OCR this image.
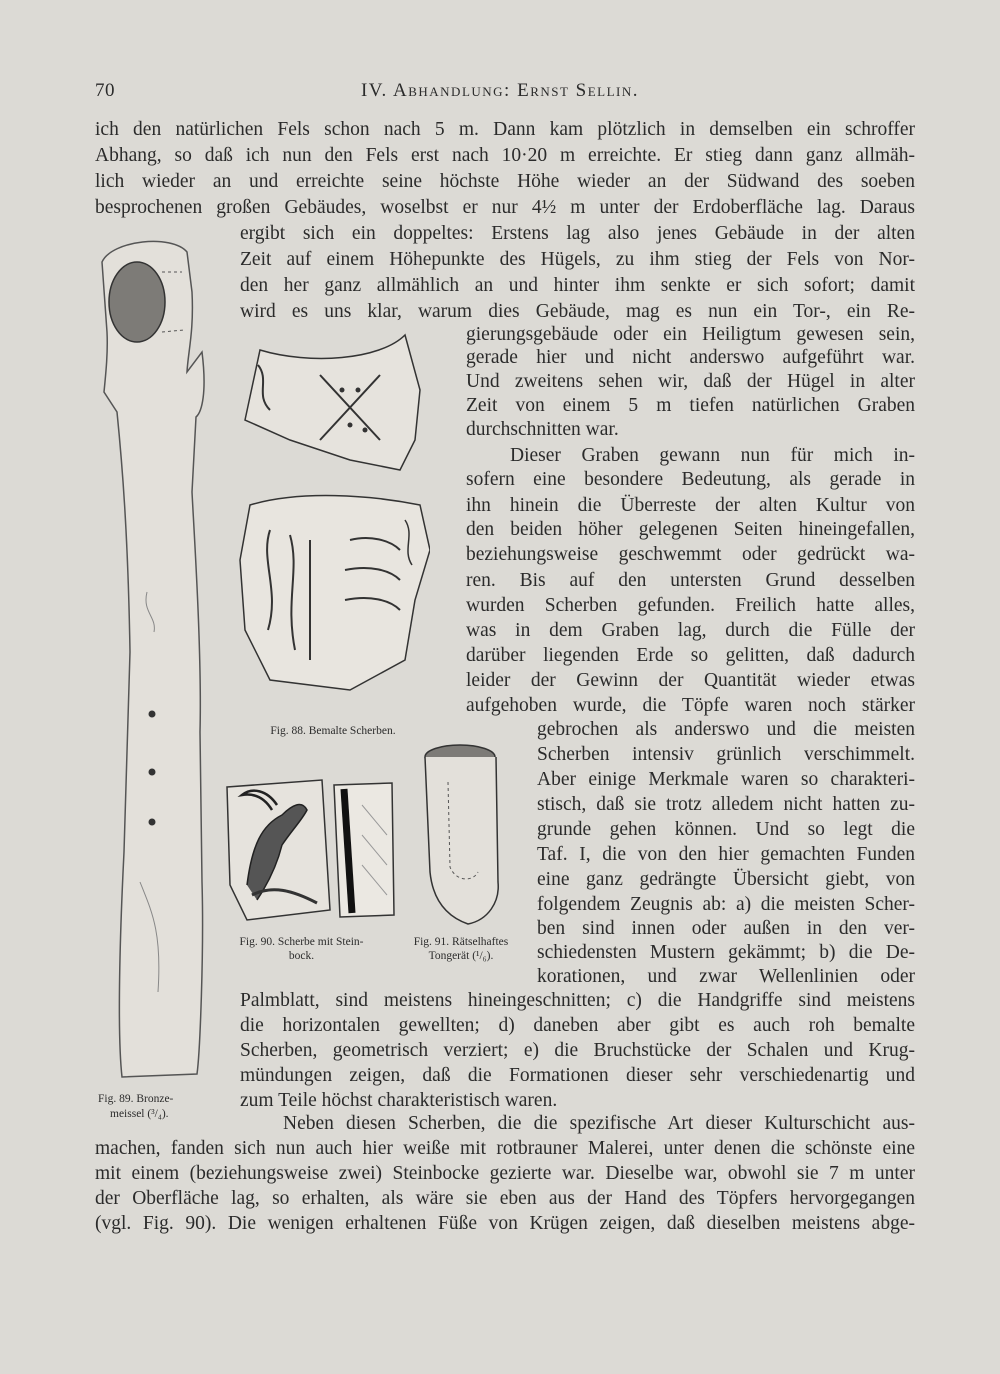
70	IV. Abhandlung: Ernst Sellin.
ich den natürlichen Fels schon nach 5 m. Dann kam plötzlich in demselben ein schroffer
Abhang, so daß ich nun den Fels erst nach 10·20 m erreichte. Er stieg dann ganz allmäh-
lich wieder an und erreichte seine höchste Höhe wieder an der Südwand des soeben
besprochenen großen Gebäudes, woselbst er nur 4½ m unter der Erdoberfläche lag. Daraus
ergibt sich ein doppeltes: Erstens lag also jenes Gebäude in der alten
Zeit auf einem Höhepunkte des Hügels, zu ihm stieg der Fels von Nor-
den her ganz allmählich an und hinter ihm senkte er sich sofort; damit
wird es uns klar, warum dies Gebäude, mag es nun ein Tor-, ein Re-
gierungsgebäude oder ein Heiligtum gewesen sein,
gerade hier und nicht anderswo aufgeführt war.
Und zweitens sehen wir, daß der Hügel in alter
Zeit von einem 5 m tiefen natürlichen Graben
durchschnitten war.
Dieser Graben gewann nun für mich in-
sofern eine besondere Bedeutung, als gerade in
ihn hinein die Überreste der alten Kultur von
den beiden höher gelegenen Seiten hineingefallen,
beziehungsweise geschwemmt oder gedrückt wa-
ren. Bis auf den untersten Grund desselben
wurden Scherben gefunden. Freilich hatte alles,
was in dem Graben lag, durch die Fülle der
darüber liegenden Erde so gelitten, daß dadurch
leider der Gewinn der Quantität wieder etwas
aufgehoben wurde, die Töpfe waren noch stärker
gebrochen als anderswo und die meisten
Scherben intensiv grünlich verschimmelt.
Aber einige Merkmale waren so charakteri-
stisch, daß sie trotz alledem nicht hatten zu-
grunde gehen können. Und so legt die
Taf. I, die von den hier gemachten Funden
eine ganz gedrängte Übersicht giebt, von
folgendem Zeugnis ab: a) die meisten Scher-
ben sind innen oder außen in den ver-
schiedensten Mustern gekämmt; b) die De-
korationen, und zwar Wellenlinien oder
Palmblatt, sind meistens hineingeschnitten; c) die Handgriffe sind meistens
die horizontalen gewellten; d) daneben aber gibt es auch roh bemalte
Scherben, geometrisch verziert; e) die Bruchstücke der Schalen und Krug-
mündungen zeigen, daß die Formationen dieser sehr verschiedenartig und
zum Teile höchst charakteristisch waren.
Neben diesen Scherben, die die spezifische Art dieser Kulturschicht aus-
machen, fanden sich nun auch hier weiße mit rotbrauner Malerei, unter denen die schönste eine
mit einem (beziehungsweise zwei) Steinbocke gezierte war. Dieselbe war, obwohl sie 7 m unter
der Oberfläche lag, so erhalten, als wäre sie eben aus der Hand des Töpfers hervorgegangen
(vgl. Fig. 90). Die wenigen erhaltenen Füße von Krügen zeigen, daß dieselben meistens abge-
Fig. 88. Bemalte Scherben.
Fig. 90. Scherbe mit Stein-
bock.
Fig. 91. Rätselhaftes
Tongerät (¹/₆).
Fig. 89. Bronze-
meissel (³/₄).
